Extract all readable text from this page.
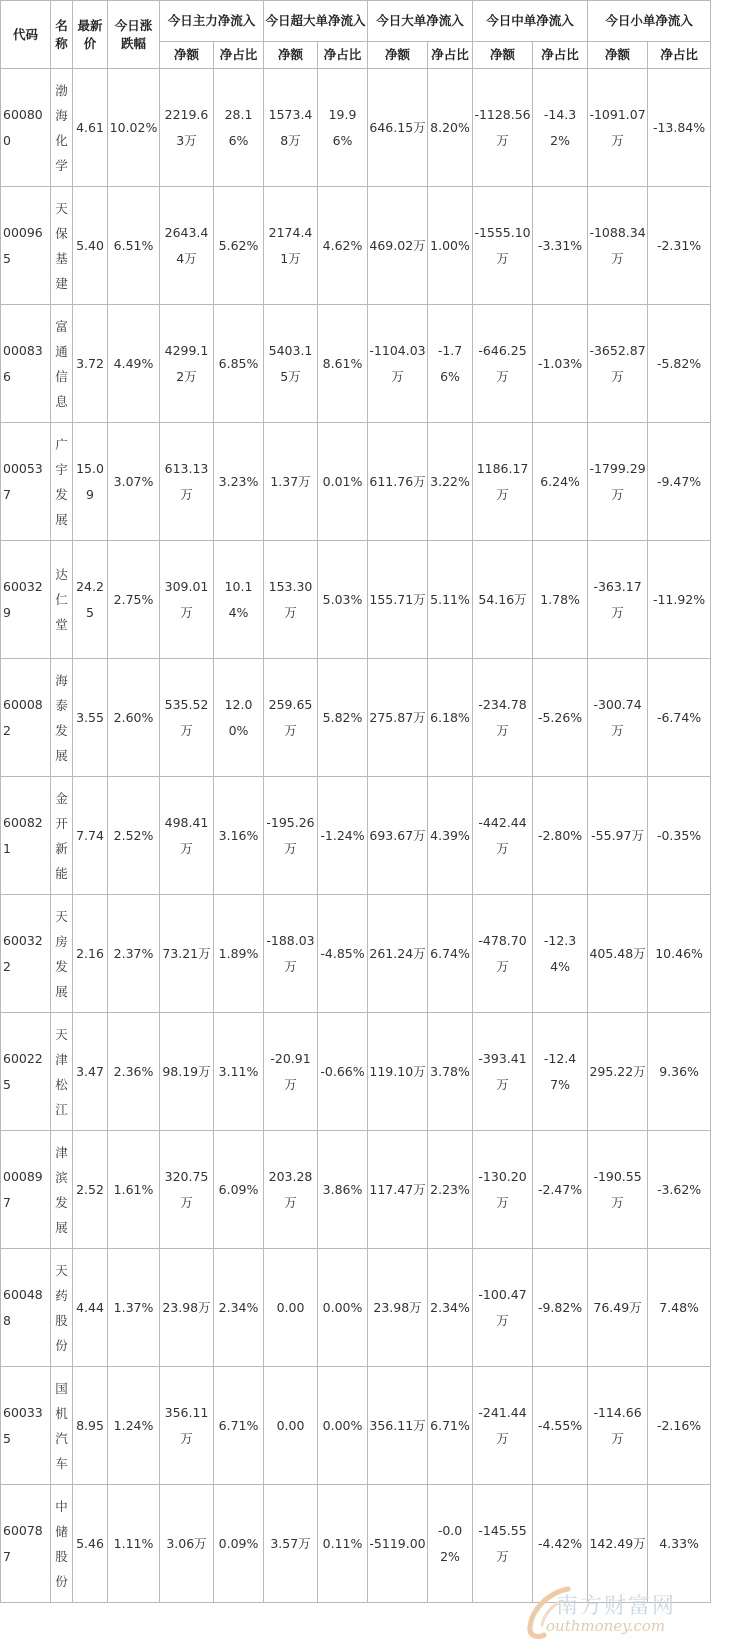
代码	名称	最新价	今日涨跌幅	今日主力净流入		今日超大单净流入		今日大单净流入		今日中单净流入		今日小单净流入	
				净额	净占比	净额	净占比	净额	净占比	净额	净占比	净额	净占比
600800	渤海化学	4.61	10.02%	2219.63万	28.16%	1573.48万	19.96%	646.15万	8.20%	-1128.56万	-14.32%	-1091.07万	-13.84%
000965	天保基建	5.40	6.51%	2643.44万	5.62%	2174.41万	4.62%	469.02万	1.00%	-1555.10万	-3.31%	-1088.34万	-2.31%
000836	富通信息	3.72	4.49%	4299.12万	6.85%	5403.15万	8.61%	-1104.03万	-1.76%	-646.25万	-1.03%	-3652.87万	-5.82%
000537	广宇发展	15.09	3.07%	613.13万	3.23%	1.37万	0.01%	611.76万	3.22%	1186.17万	6.24%	-1799.29万	-9.47%
600329	达仁堂	24.25	2.75%	309.01万	10.14%	153.30万	5.03%	155.71万	5.11%	54.16万	1.78%	-363.17万	-11.92%
600082	海泰发展	3.55	2.60%	535.52万	12.00%	259.65万	5.82%	275.87万	6.18%	-234.78万	-5.26%	-300.74万	-6.74%
600821	金开新能	7.74	2.52%	498.41万	3.16%	-195.26万	-1.24%	693.67万	4.39%	-442.44万	-2.80%	-55.97万	-0.35%
600322	天房发展	2.16	2.37%	73.21万	1.89%	-188.03万	-4.85%	261.24万	6.74%	-478.70万	-12.34%	405.48万	10.46%
600225	天津松江	3.47	2.36%	98.19万	3.11%	-20.91万	-0.66%	119.10万	3.78%	-393.41万	-12.47%	295.22万	9.36%
000897	津滨发展	2.52	1.61%	320.75万	6.09%	203.28万	3.86%	117.47万	2.23%	-130.20万	-2.47%	-190.55万	-3.62%
600488	天药股份	4.44	1.37%	23.98万	2.34%	0.00	0.00%	23.98万	2.34%	-100.47万	-9.82%	76.49万	7.48%
600335	国机汽车	8.95	1.24%	356.11万	6.71%	0.00	0.00%	356.11万	6.71%	-241.44万	-4.55%	-114.66万	-2.16%
600787	中储股份	5.46	1.11%	3.06万	0.09%	3.57万	0.11%	-5119.00	-0.02%	-145.55万	-4.42%	142.49万	4.33%
南方财富网
outhmoney.com
